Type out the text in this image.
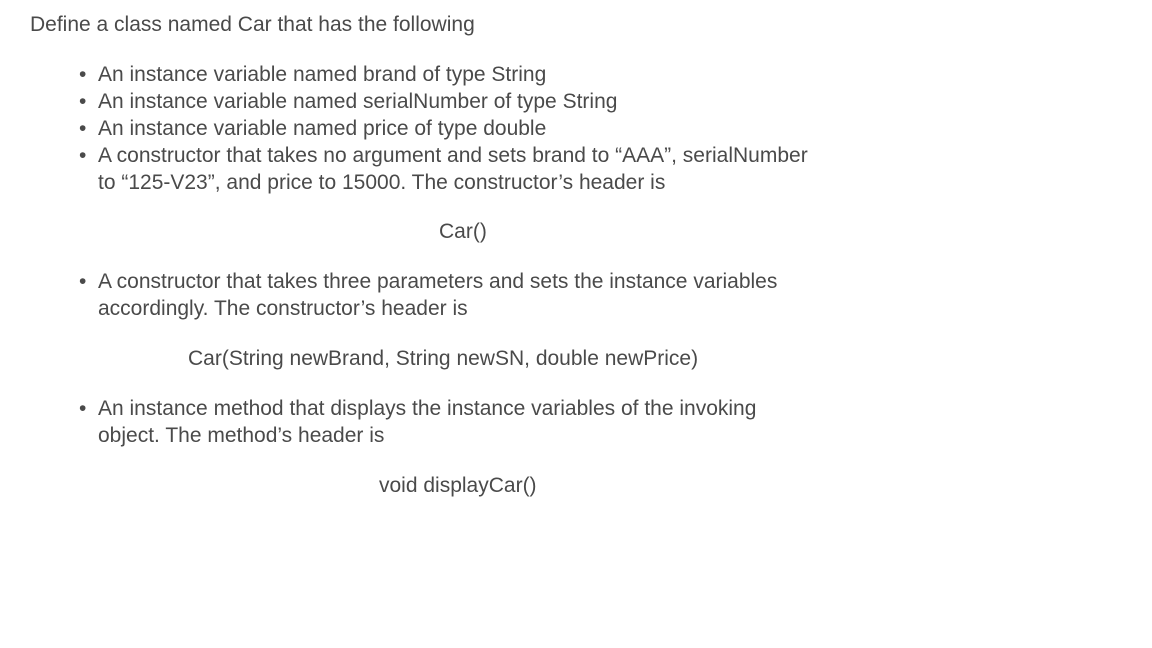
Define a class named Car that has the following

• An instance variable named brand of type String
• An instance variable named serialNumber of type String
• An instance variable named price of type double
• A constructor that takes no argument and sets brand to “AAA”, serialNumber
to “125-V23”, and price to 15000. The constructor’s header is
Car()
• A constructor that takes three parameters and sets the instance variables
accordingly. The constructor’s header is
Car(String newBrand, String newSN, double newPrice)
• An instance method that displays the instance variables of the invoking
object. The method’s header is
void displayCar()
